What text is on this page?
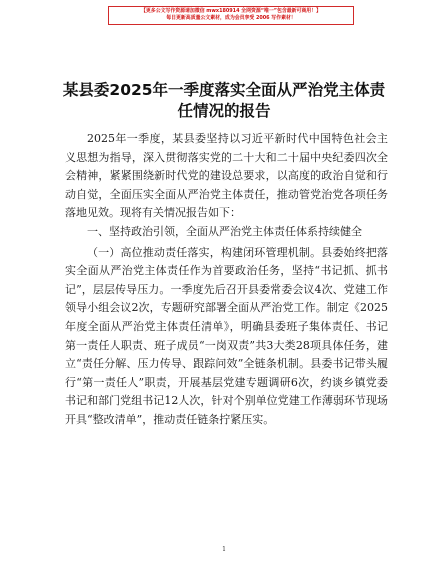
【更多公文写作资源请加微信 mwx180914 全网资源“唯一”包含最新可商用！】
每日更新高质量公文素材，成为会员享受 2006 写作素材！
某县委2025年一季度落实全面从严治党主体责任情况的报告

2025年一季度，某县委坚持以习近平新时代中国特色社会主义思想为指导，深入贯彻落实党的二十大和二十届中央纪委四次全会精神，紧紧围绕新时代党的建设总要求，以高度的政治自觉和行动自觉，全面压实全面从严治党主体责任，推动管党治党各项任务落地见效。现将有关情况报告如下：

一、坚持政治引领，全面从严治党主体责任体系持续健全

（一）高位推动责任落实，构建闭环管理机制。县委始终把落实全面从严治党主体责任作为首要政治任务，坚持“书记抓、抓书记”，层层传导压力。一季度先后召开县委常委会议4次、党建工作领导小组会议2次，专题研究部署全面从严治党工作。制定《2025年度全面从严治党主体责任清单》，明确县委班子集体责任、书记第一责任人职责、班子成员“一岗双责”共3大类28项具体任务，建立“责任分解、压力传导、跟踪问效”全链条机制。县委书记带头履行“第一责任人”职责，开展基层党建专题调研6次，约谈乡镇党委书记和部门党组书记12人次，针对个别单位党建工作薄弱环节现场开具“整改清单”，推动责任链条拧紧压实。

1
